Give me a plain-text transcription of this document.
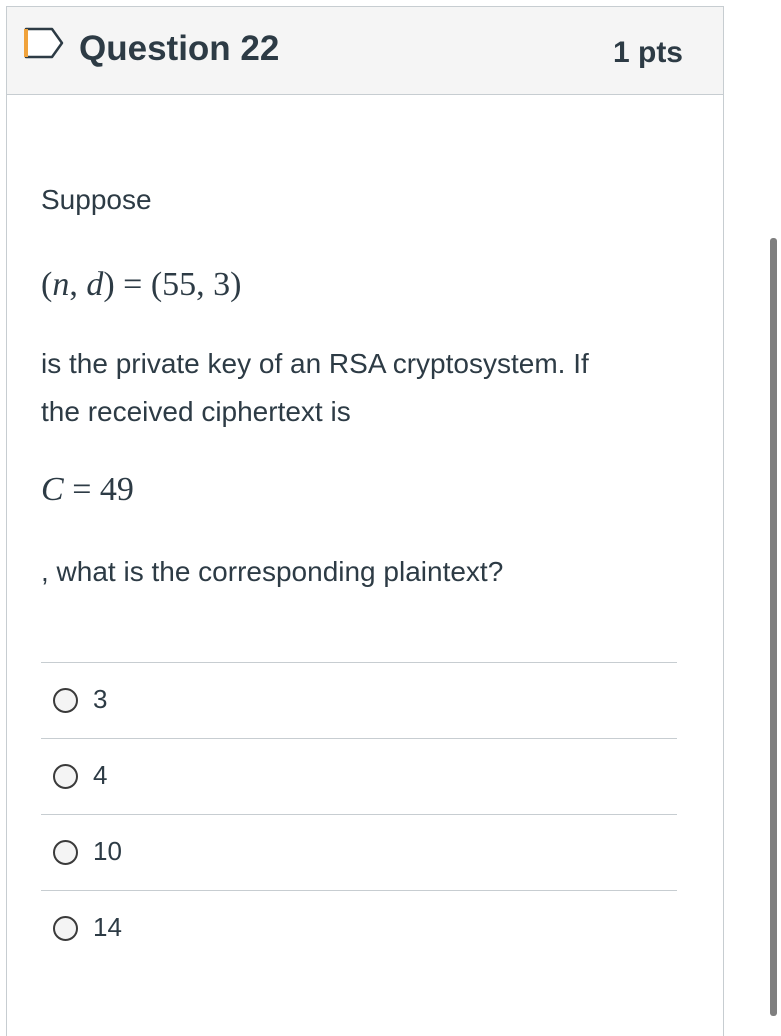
Question 22	1 pts
Suppose
(n, d) = (55, 3)
is the private key of an RSA cryptosystem. If
the received ciphertext is
C = 49
, what is the corresponding plaintext?
3
4
10
14
